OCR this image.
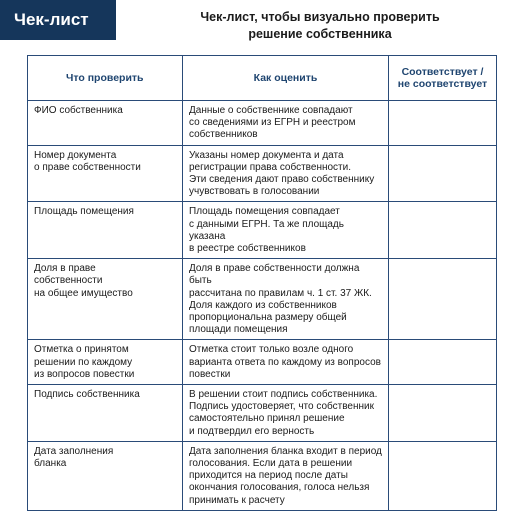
Чек-лист	Чек-лист, чтобы визуально проверить
решение собственника
Что проверить	Как оценить	Соответствует /
не соответствует

ФИО собственника	Данные о собственнике совпадают
со сведениями из ЕГРН и реестром
собственников	

Номер документа
о праве собственности	Указаны номер документа и дата
регистрации права собственности.
Эти сведения дают право собственнику
учувствовать в голосовании	

Площадь помещения	Площадь помещения совпадает
с данными ЕГРН. Та же площадь указана
в реестре собственников	

Доля в праве
собственности
на общее имущество	Доля в праве собственности должна быть
рассчитана по правилам ч. 1 ст. 37 ЖК.
Доля каждого из собственников
пропорциональна размеру общей
площади помещения	

Отметка о принятом
решении по каждому
из вопросов повестки	Отметка стоит только возле одного
варианта ответа по каждому из вопросов
повестки	

Подпись собственника	В решении стоит подпись собственника.
Подпись удостоверяет, что собственник
самостоятельно принял решение
и подтвердил его верность	

Дата заполнения
бланка	Дата заполнения бланка входит в период
голосования. Если дата в решении
приходится на период после даты
окончания голосования, голоса нельзя
принимать к расчету	
